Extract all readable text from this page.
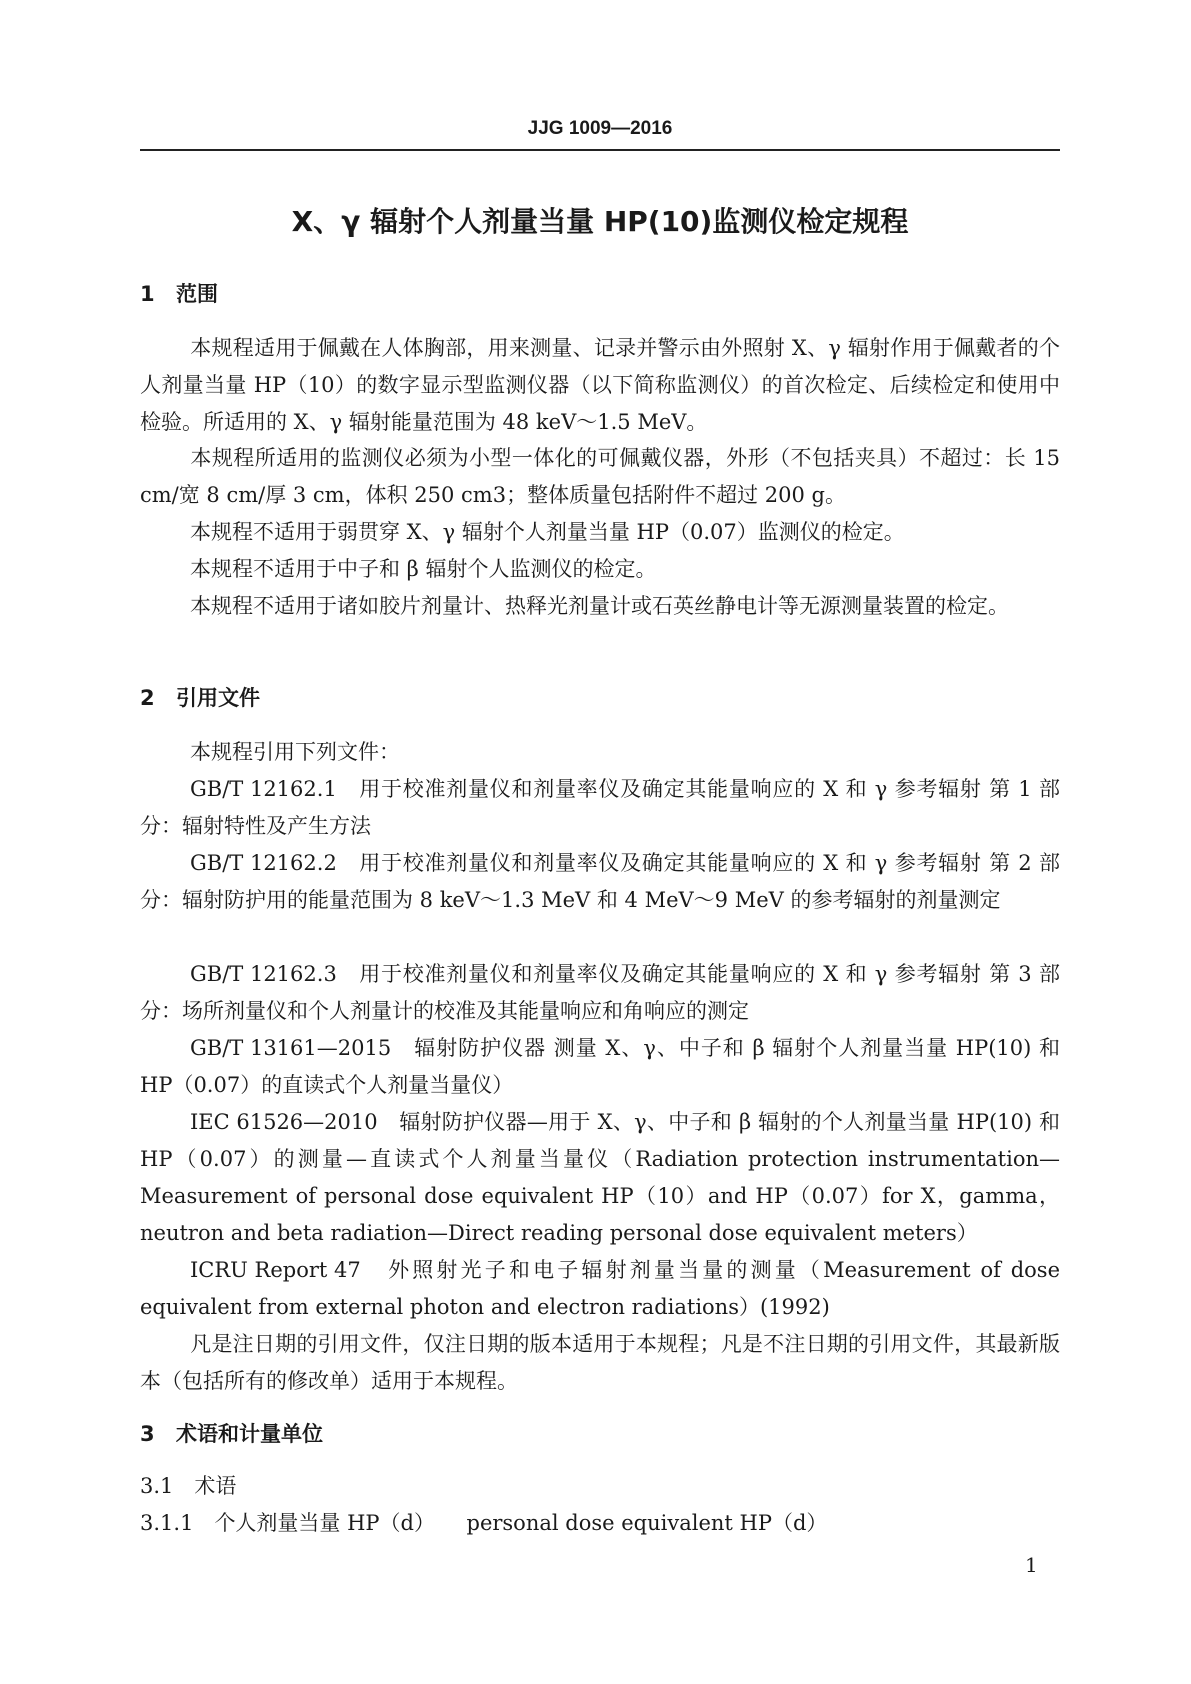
JJG 1009—2016
X、γ 辐射个人剂量当量 HP(10)监测仪检定规程
1 范围
本规程适用于佩戴在人体胸部，用来测量、记录并警示由外照射 X、γ 辐射作用于佩戴者的个人剂量当量 HP（10）的数字显示型监测仪器（以下简称监测仪）的首次检定、后续检定和使用中检验。所适用的 X、γ 辐射能量范围为 48 keV～1.5 MeV。
本规程所适用的监测仪必须为小型一体化的可佩戴仪器，外形（不包括夹具）不超过：长 15 cm/宽 8 cm/厚 3 cm，体积 250 cm3；整体质量包括附件不超过 200 g。
本规程不适用于弱贯穿 X、γ 辐射个人剂量当量 HP（0.07）监测仪的检定。
本规程不适用于中子和 β 辐射个人监测仪的检定。
本规程不适用于诸如胶片剂量计、热释光剂量计或石英丝静电计等无源测量装置的检定。
2 引用文件
本规程引用下列文件：
GB/T 12162.1　 用于校准剂量仪和剂量率仪及确定其能量响应的 X 和 γ 参考辐射 第 1 部分：辐射特性及产生方法
GB/T 12162.2　 用于校准剂量仪和剂量率仪及确定其能量响应的 X 和 γ 参考辐射 第 2 部分：辐射防护用的能量范围为 8 keV～1.3 MeV 和 4 MeV～9 MeV 的参考辐射的剂量测定
GB/T 12162.3　 用于校准剂量仪和剂量率仪及确定其能量响应的 X 和 γ 参考辐射 第 3 部分：场所剂量仪和个人剂量计的校准及其能量响应和角响应的测定
GB/T 13161—2015　 辐射防护仪器 测量 X、γ、中子和 β 辐射个人剂量当量 HP(10) 和 HP（0.07）的直读式个人剂量当量仪）
IEC 61526—2010　 辐射防护仪器—用于 X、γ、中子和 β 辐射的个人剂量当量 HP(10) 和 HP（0.07）的测量—直读式个人剂量当量仪（Radiation protection instrumentation—Measurement of personal dose equivalent HP（10）and HP（0.07）for X，gamma，neutron and beta radiation—Direct reading personal dose equivalent meters）
ICRU Report 47　 外照射光子和电子辐射剂量当量的测量（Measurement of dose equivalent from external photon and electron radiations）(1992)
凡是注日期的引用文件，仅注日期的版本适用于本规程；凡是不注日期的引用文件，其最新版本（包括所有的修改单）适用于本规程。
3 术语和计量单位
3.1　 术语
3.1.1　 个人剂量当量 HP（d）　　 personal dose equivalent HP（d）
1
